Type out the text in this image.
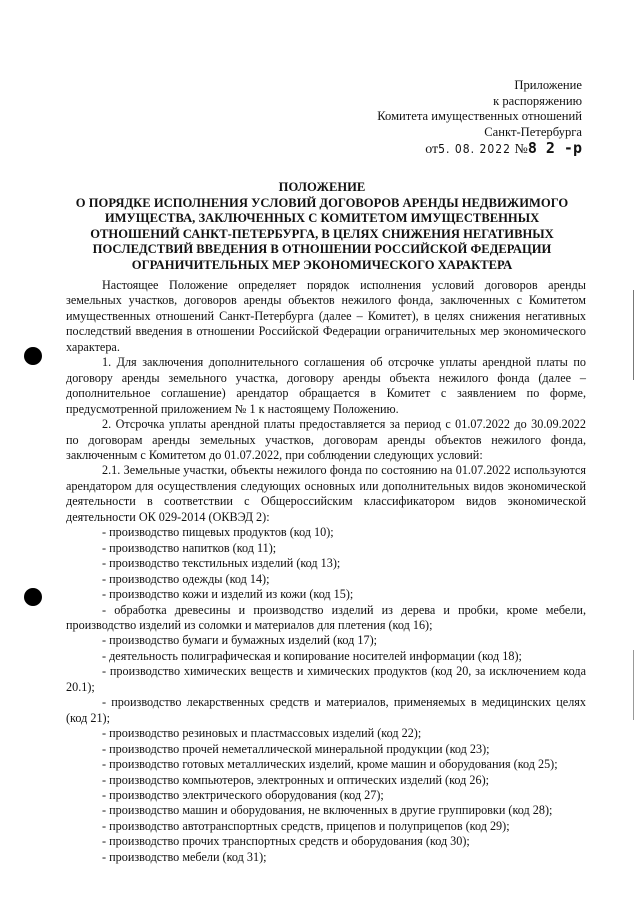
Приложение
к распоряжению
Комитета имущественных отношений
Санкт-Петербурга
от5. 08. 2022 №8 2 -р
ПОЛОЖЕНИЕ
О ПОРЯДКЕ ИСПОЛНЕНИЯ УСЛОВИЙ ДОГОВОРОВ АРЕНДЫ НЕДВИЖИМОГО
ИМУЩЕСТВА, ЗАКЛЮЧЕННЫХ С КОМИТЕТОМ ИМУЩЕСТВЕННЫХ
ОТНОШЕНИЙ САНКТ-ПЕТЕРБУРГА, В ЦЕЛЯХ СНИЖЕНИЯ НЕГАТИВНЫХ
ПОСЛЕДСТВИЙ ВВЕДЕНИЯ В ОТНОШЕНИИ РОССИЙСКОЙ ФЕДЕРАЦИИ
ОГРАНИЧИТЕЛЬНЫХ МЕР ЭКОНОМИЧЕСКОГО ХАРАКТЕРА

Настоящее Положение определяет порядок исполнения условий договоров аренды земельных участков, договоров аренды объектов нежилого фонда, заключенных с Комитетом имущественных отношений Санкт-Петербурга (далее – Комитет), в целях снижения негативных последствий введения в отношении Российской Федерации ограничительных мер экономического характера.

1. Для заключения дополнительного соглашения об отсрочке уплаты арендной платы по договору аренды земельного участка, договору аренды объекта нежилого фонда (далее – дополнительное соглашение) арендатор обращается в Комитет с заявлением по форме, предусмотренной приложением № 1 к настоящему Положению.

2. Отсрочка уплаты арендной платы предоставляется за период с 01.07.2022 до 30.09.2022 по договорам аренды земельных участков, договорам аренды объектов нежилого фонда, заключенным с Комитетом до 01.07.2022, при соблюдении следующих условий:

2.1. Земельные участки, объекты нежилого фонда по состоянию на 01.07.2022 используются арендатором для осуществления следующих основных или дополнительных видов экономической деятельности в соответствии с Общероссийским классификатором видов экономической деятельности ОК 029-2014 (ОКВЭД 2):

- производство пищевых продуктов (код 10);

- производство напитков (код 11);

- производство текстильных изделий (код 13);

- производство одежды (код 14);

- производство кожи и изделий из кожи (код 15);

- обработка древесины и производство изделий из дерева и пробки, кроме мебели, производство изделий из соломки и материалов для плетения (код 16);

- производство бумаги и бумажных изделий (код 17);

- деятельность полиграфическая и копирование носителей информации (код 18);

- производство химических веществ и химических продуктов (код 20, за исключением кода 20.1);

- производство лекарственных средств и материалов, применяемых в медицинских целях (код 21);

- производство резиновых и пластмассовых изделий (код 22);

- производство прочей неметаллической минеральной продукции (код 23);

- производство готовых металлических изделий, кроме машин и оборудования (код 25);

- производство компьютеров, электронных и оптических изделий (код 26);

- производство электрического оборудования (код 27);

- производство машин и оборудования, не включенных в другие группировки (код 28);

- производство автотранспортных средств, прицепов и полуприцепов (код 29);

- производство прочих транспортных средств и оборудования (код 30);

- производство мебели (код 31);
